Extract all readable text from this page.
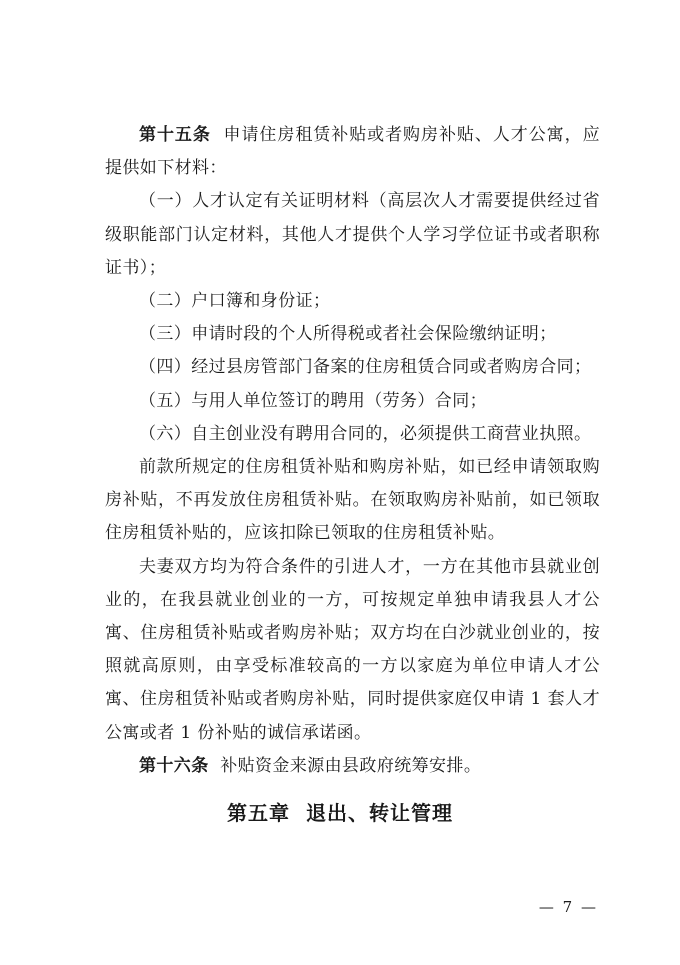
第十五条 申请住房租赁补贴或者购房补贴、人才公寓，应提供如下材料：

（一）人才认定有关证明材料（高层次人才需要提供经过省级职能部门认定材料，其他人才提供个人学习学位证书或者职称证书）；

（二）户口簿和身份证；

（三）申请时段的个人所得税或者社会保险缴纳证明；

（四）经过县房管部门备案的住房租赁合同或者购房合同；

（五）与用人单位签订的聘用（劳务）合同；

（六）自主创业没有聘用合同的，必须提供工商营业执照。

前款所规定的住房租赁补贴和购房补贴，如已经申请领取购房补贴，不再发放住房租赁补贴。在领取购房补贴前，如已领取住房租赁补贴的，应该扣除已领取的住房租赁补贴。

夫妻双方均为符合条件的引进人才，一方在其他市县就业创业的，在我县就业创业的一方，可按规定单独申请我县人才公寓、住房租赁补贴或者购房补贴；双方均在白沙就业创业的，按照就高原则，由享受标准较高的一方以家庭为单位申请人才公寓、住房租赁补贴或者购房补贴，同时提供家庭仅申请 1 套人才公寓或者 1 份补贴的诚信承诺函。

第十六条 补贴资金来源由县政府统筹安排。

第五章  退出、转让管理
— 7 —
